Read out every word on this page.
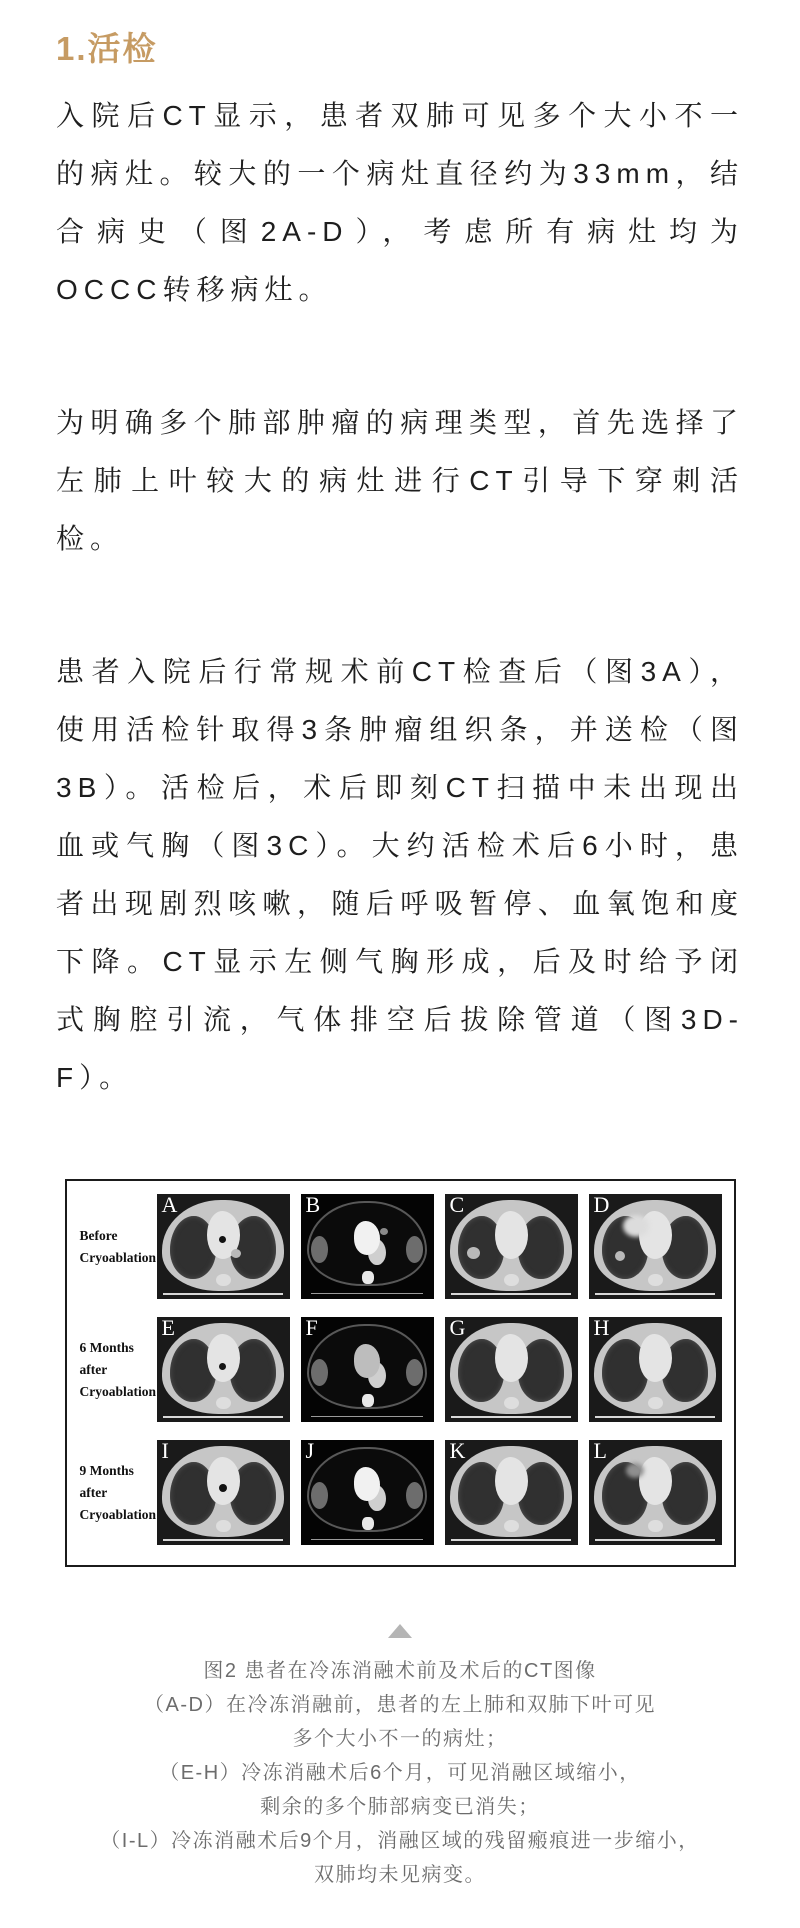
1.活检

入院后CT显示，患者双肺可见多个大小不一的病灶。较大的一个病灶直径约为33mm，结合病史（图2A-D），考虑所有病灶均为OCCC转移病灶。

为明确多个肺部肿瘤的病理类型，首先选择了左肺上叶较大的病灶进行CT引导下穿刺活检。

患者入院后行常规术前CT检查后（图3A），使用活检针取得3条肿瘤组织条，并送检（图3B）。活检后，术后即刻CT扫描中未出现出血或气胸（图3C）。大约活检术后6小时，患者出现剧烈咳嗽，随后呼吸暂停、血氧饱和度下降。CT显示左侧气胸形成，后及时给予闭式胸腔引流，气体排空后拔除管道（图3D-F）。

Before
Cryoablation
A	B	C	D
6 Months after
Cryoablation
E	F	G	H
9 Months after
Cryoablation
I	J	K	L
图2 患者在冷冻消融术前及术后的CT图像
（A-D）在冷冻消融前，患者的左上肺和双肺下叶可见
多个大小不一的病灶；
（E-H）冷冻消融术后6个月，可见消融区域缩小，
剩余的多个肺部病变已消失；
（I-L）冷冻消融术后9个月，消融区域的残留瘢痕进一步缩小，
双肺均未见病变。
